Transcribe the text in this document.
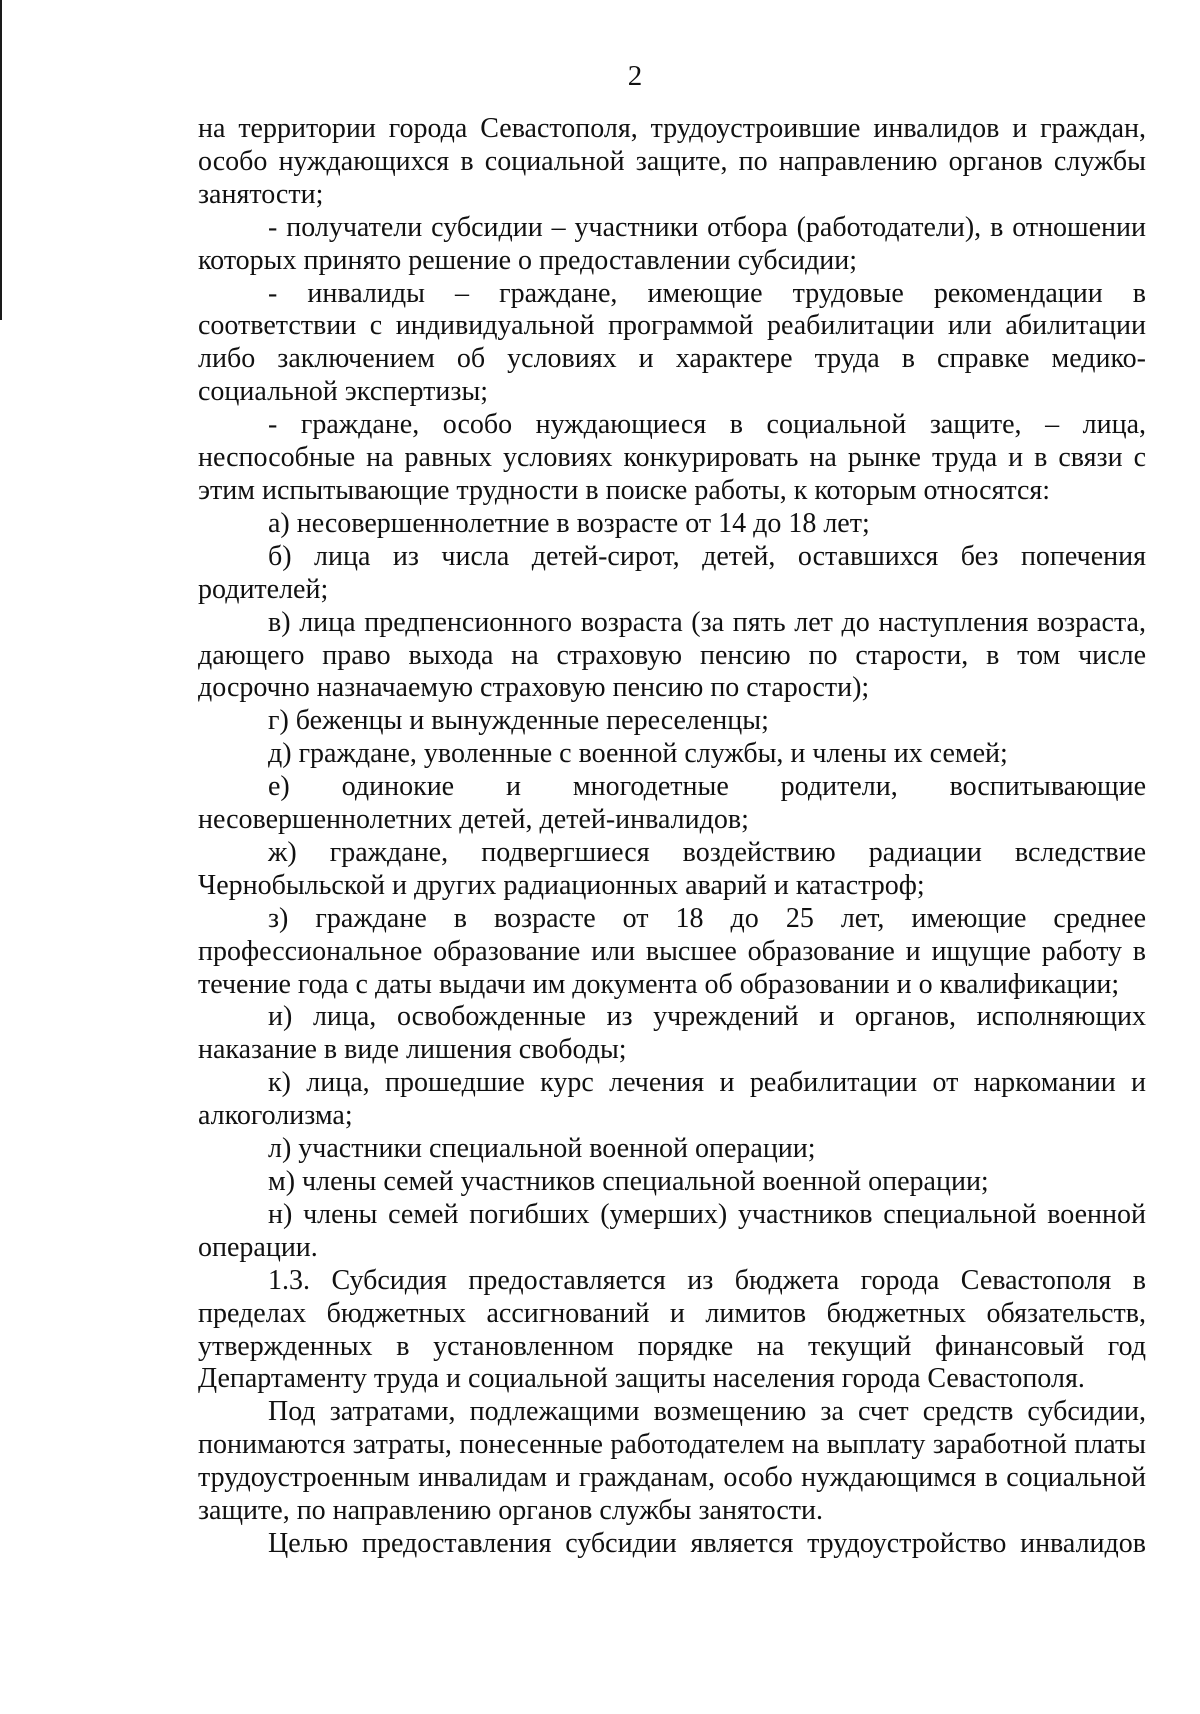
2

на территории города Севастополя, трудоустроившие инвалидов и граждан, особо нуждающихся в социальной защите, по направлению органов службы занятости;

- получатели субсидии – участники отбора (работодатели), в отношении которых принято решение о предоставлении субсидии;

- инвалиды – граждане, имеющие трудовые рекомендации в соответствии с индивидуальной программой реабилитации или абилитации либо заключением об условиях и характере труда в справке медико-социальной экспертизы;

- граждане, особо нуждающиеся в социальной защите, – лица, неспособные на равных условиях конкурировать на рынке труда и в связи с этим испытывающие трудности в поиске работы, к которым относятся:

а) несовершеннолетние в возрасте от 14 до 18 лет;

б) лица из числа детей-сирот, детей, оставшихся без попечения родителей;

в) лица предпенсионного возраста (за пять лет до наступления возраста, дающего право выхода на страховую пенсию по старости, в том числе досрочно назначаемую страховую пенсию по старости);

г) беженцы и вынужденные переселенцы;

д) граждане, уволенные с военной службы, и члены их семей;

е) одинокие и многодетные родители, воспитывающие несовершеннолетних детей, детей-инвалидов;

ж) граждане, подвергшиеся воздействию радиации вследствие Чернобыльской и других радиационных аварий и катастроф;

з) граждане в возрасте от 18 до 25 лет, имеющие среднее профессиональное образование или высшее образование и ищущие работу в течение года с даты выдачи им документа об образовании и о квалификации;

и) лица, освобожденные из учреждений и органов, исполняющих наказание в виде лишения свободы;

к) лица, прошедшие курс лечения и реабилитации от наркомании и алкоголизма;

л) участники специальной военной операции;

м) члены семей участников специальной военной операции;

н) члены семей погибших (умерших) участников специальной военной операции.

1.3. Субсидия предоставляется из бюджета города Севастополя в пределах бюджетных ассигнований и лимитов бюджетных обязательств, утвержденных в установленном порядке на текущий финансовый год Департаменту труда и социальной защиты населения города Севастополя.

Под затратами, подлежащими возмещению за счет средств субсидии, понимаются затраты, понесенные работодателем на выплату заработной платы трудоустроенным инвалидам и гражданам, особо нуждающимся в социальной защите, по направлению органов службы занятости.

Целью предоставления субсидии является трудоустройство инвалидов
